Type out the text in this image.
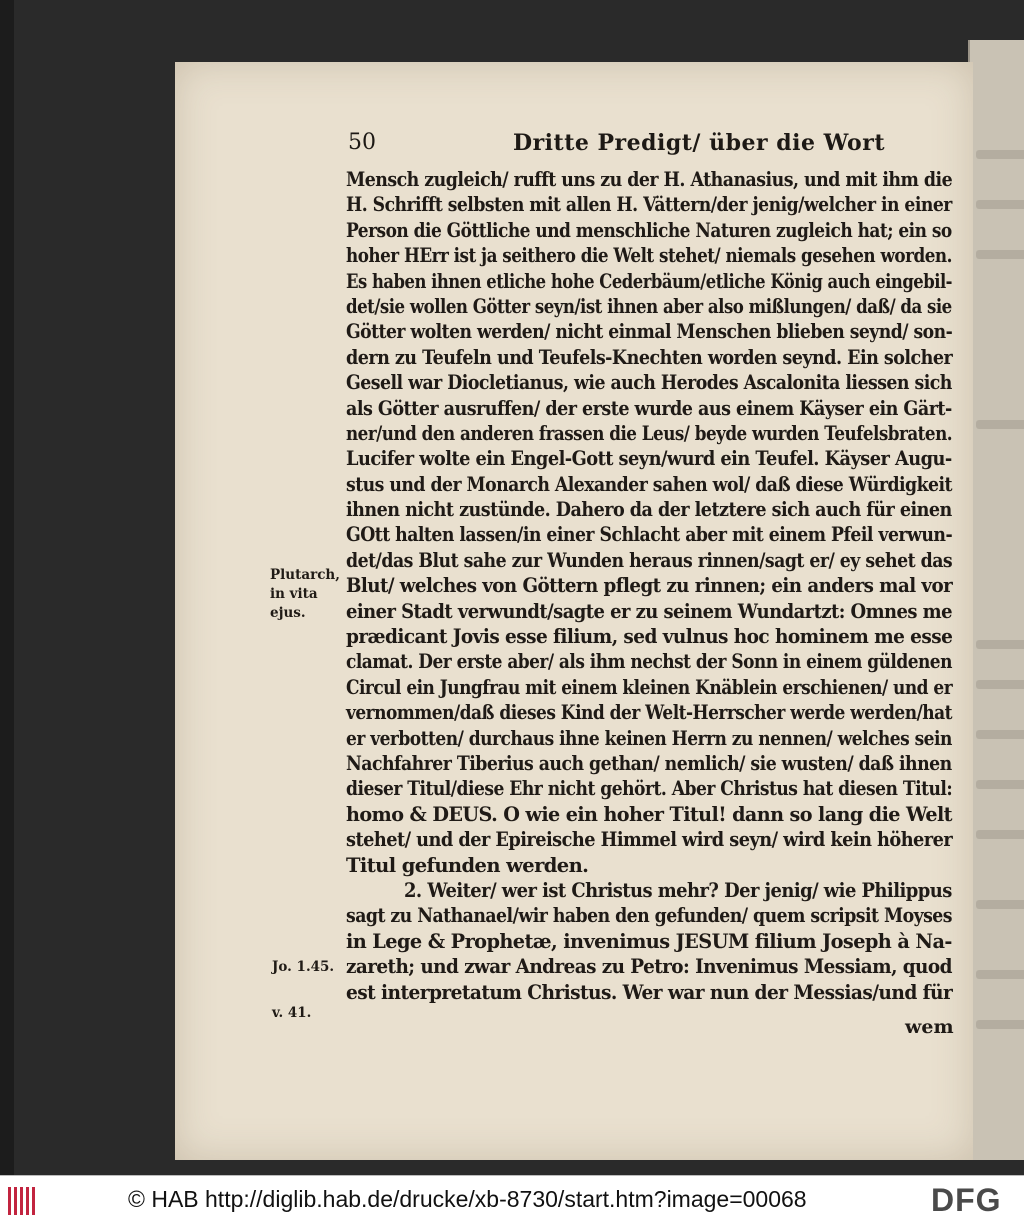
50	Dritte Predigt/ über die Wort
Mensch zugleich/ rufft uns zu der H. Athanasius, und mit ihm die
H. Schrifft selbsten mit allen H. Vättern/der jenig/welcher in einer
Person die Göttliche und menschliche Naturen zugleich hat; ein so
hoher HErr ist ja seithero die Welt stehet/ niemals gesehen worden.
Es haben ihnen etliche hohe Cederbäum/etliche König auch eingebil-
det/sie wollen Götter seyn/ist ihnen aber also mißlungen/ daß/ da sie
Götter wolten werden/ nicht einmal Menschen blieben seynd/ son-
dern zu Teufeln und Teufels-Knechten worden seynd. Ein solcher
Gesell war Diocletianus, wie auch Herodes Ascalonita liessen sich
als Götter ausruffen/ der erste wurde aus einem Käyser ein Gärt-
ner/und den anderen frassen die Leus/ beyde wurden Teufelsbraten.
Lucifer wolte ein Engel-Gott seyn/wurd ein Teufel. Käyser Augu-
stus und der Monarch Alexander sahen wol/ daß diese Würdigkeit
ihnen nicht zustünde. Dahero da der letztere sich auch für einen
GOtt halten lassen/in einer Schlacht aber mit einem Pfeil verwun-
det/das Blut sahe zur Wunden heraus rinnen/sagt er/ ey sehet das
Blut/ welches von Göttern pflegt zu rinnen; ein anders mal vor
einer Stadt verwundt/sagte er zu seinem Wundartzt: Omnes me
prædicant Jovis esse filium, sed vulnus hoc hominem me esse
clamat. Der erste aber/ als ihm nechst der Sonn in einem güldenen
Circul ein Jungfrau mit einem kleinen Knäblein erschienen/ und er
vernommen/daß dieses Kind der Welt-Herrscher werde werden/hat
er verbotten/ durchaus ihne keinen Herrn zu nennen/ welches sein
Nachfahrer Tiberius auch gethan/ nemlich/ sie wusten/ daß ihnen
dieser Titul/diese Ehr nicht gehört. Aber Christus hat diesen Titul:
homo & DEUS. O wie ein hoher Titul! dann so lang die Welt
stehet/ und der Epireische Himmel wird seyn/ wird kein höherer
Titul gefunden werden.
2. Weiter/ wer ist Christus mehr? Der jenig/ wie Philippus
sagt zu Nathanael/wir haben den gefunden/ quem scripsit Moyses
in Lege & Prophetæ, invenimus JESUM filium Joseph à Na-
zareth; und zwar Andreas zu Petro: Invenimus Messiam, quod
est interpretatum Christus. Wer war nun der Messias/und für
wem
Plutarch,
in vita
ejus.
Jo. 1.45.
v. 41.
© HAB http://diglib.hab.de/drucke/xb-8730/start.htm?image=00068	DFG
